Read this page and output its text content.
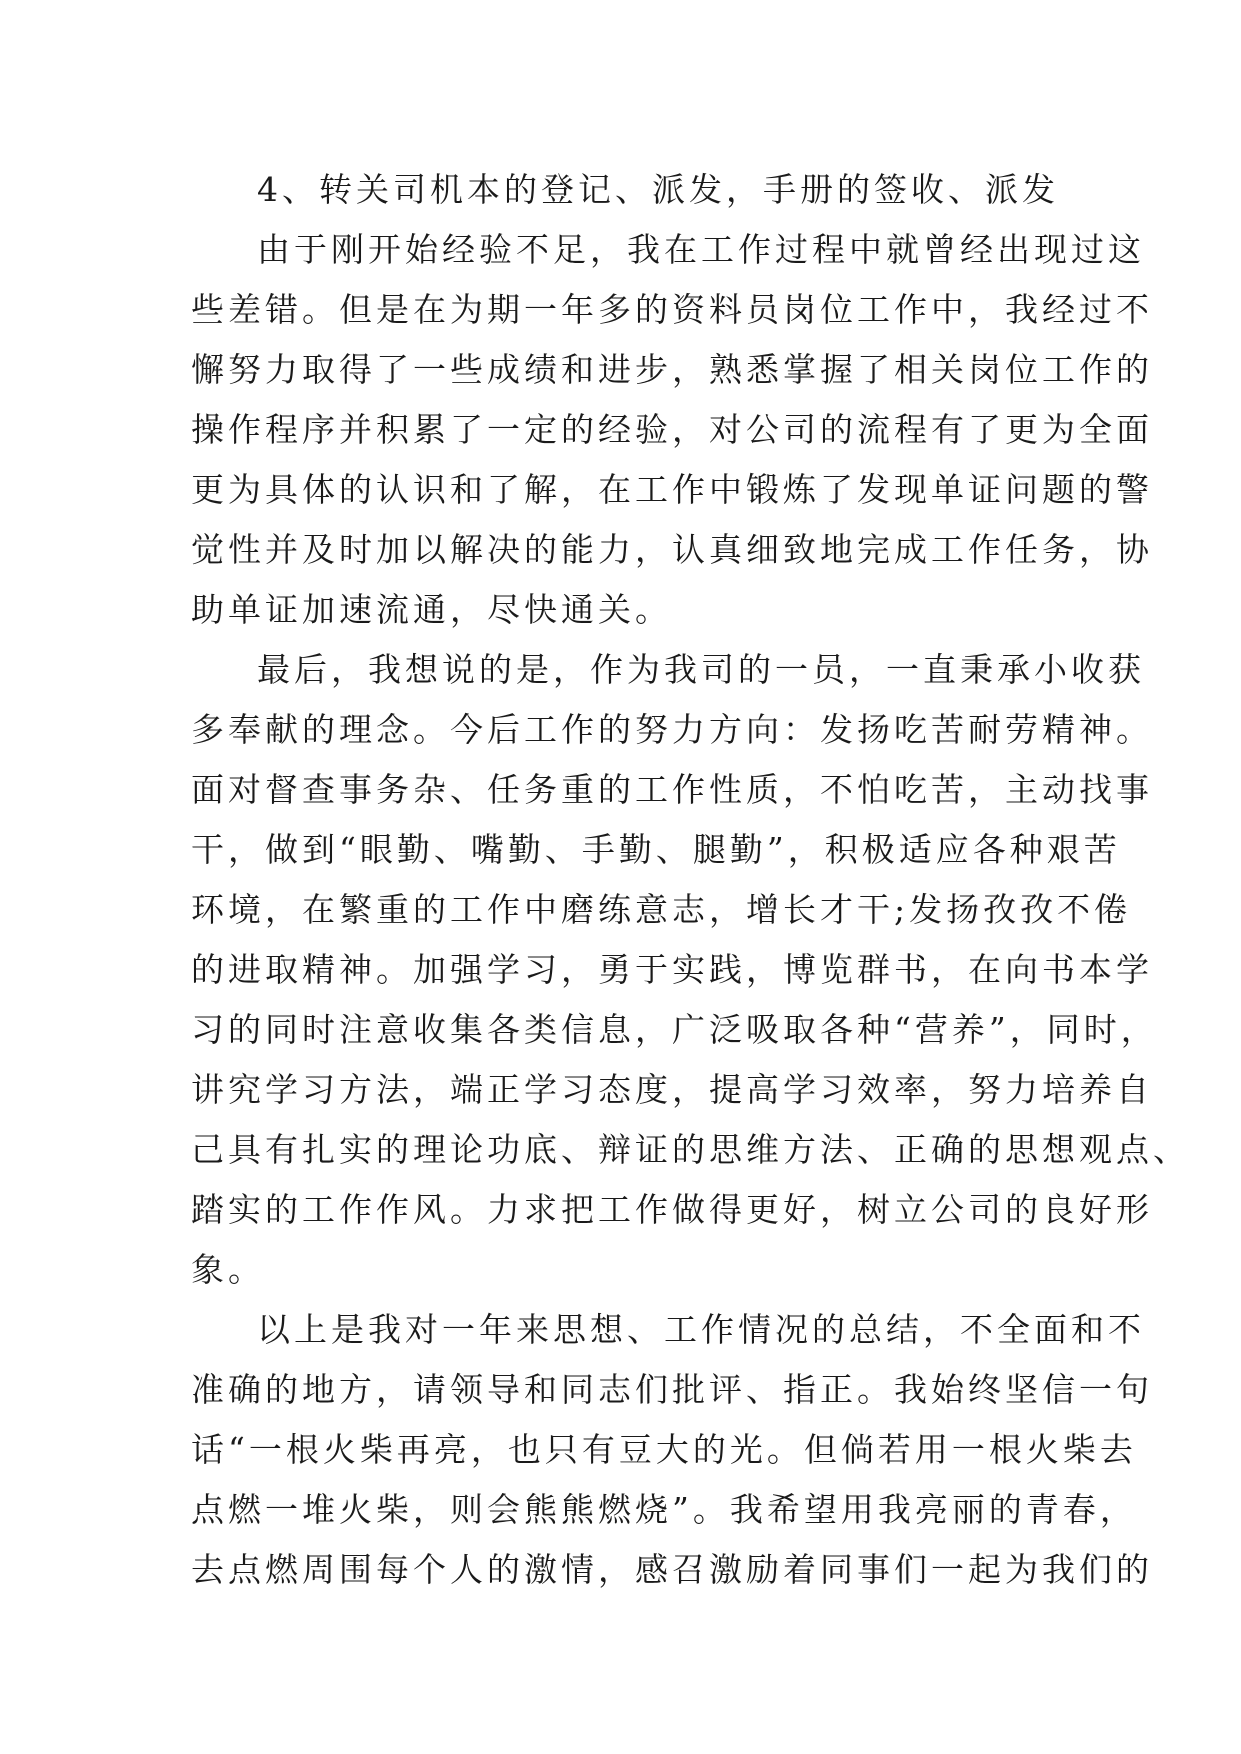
4、转关司机本的登记、派发，手册的签收、派发
由于刚开始经验不足，我在工作过程中就曾经出现过这
些差错。但是在为期一年多的资料员岗位工作中，我经过不
懈努力取得了一些成绩和进步，熟悉掌握了相关岗位工作的
操作程序并积累了一定的经验，对公司的流程有了更为全面
更为具体的认识和了解，在工作中锻炼了发现单证问题的警
觉性并及时加以解决的能力，认真细致地完成工作任务，协
助单证加速流通，尽快通关。
最后，我想说的是，作为我司的一员，一直秉承小收获
多奉献的理念。今后工作的努力方向：发扬吃苦耐劳精神。
面对督查事务杂、任务重的工作性质，不怕吃苦，主动找事
干，做到“眼勤、嘴勤、手勤、腿勤”，积极适应各种艰苦
环境，在繁重的工作中磨练意志，增长才干;发扬孜孜不倦
的进取精神。加强学习，勇于实践，博览群书，在向书本学
习的同时注意收集各类信息，广泛吸取各种“营养”，同时，
讲究学习方法，端正学习态度，提高学习效率，努力培养自
己具有扎实的理论功底、辩证的思维方法、正确的思想观点、
踏实的工作作风。力求把工作做得更好，树立公司的良好形
象。
以上是我对一年来思想、工作情况的总结，不全面和不
准确的地方，请领导和同志们批评、指正。我始终坚信一句
话“一根火柴再亮，也只有豆大的光。但倘若用一根火柴去
点燃一堆火柴，则会熊熊燃烧”。我希望用我亮丽的青春，
去点燃周围每个人的激情，感召激励着同事们一起为我们的
